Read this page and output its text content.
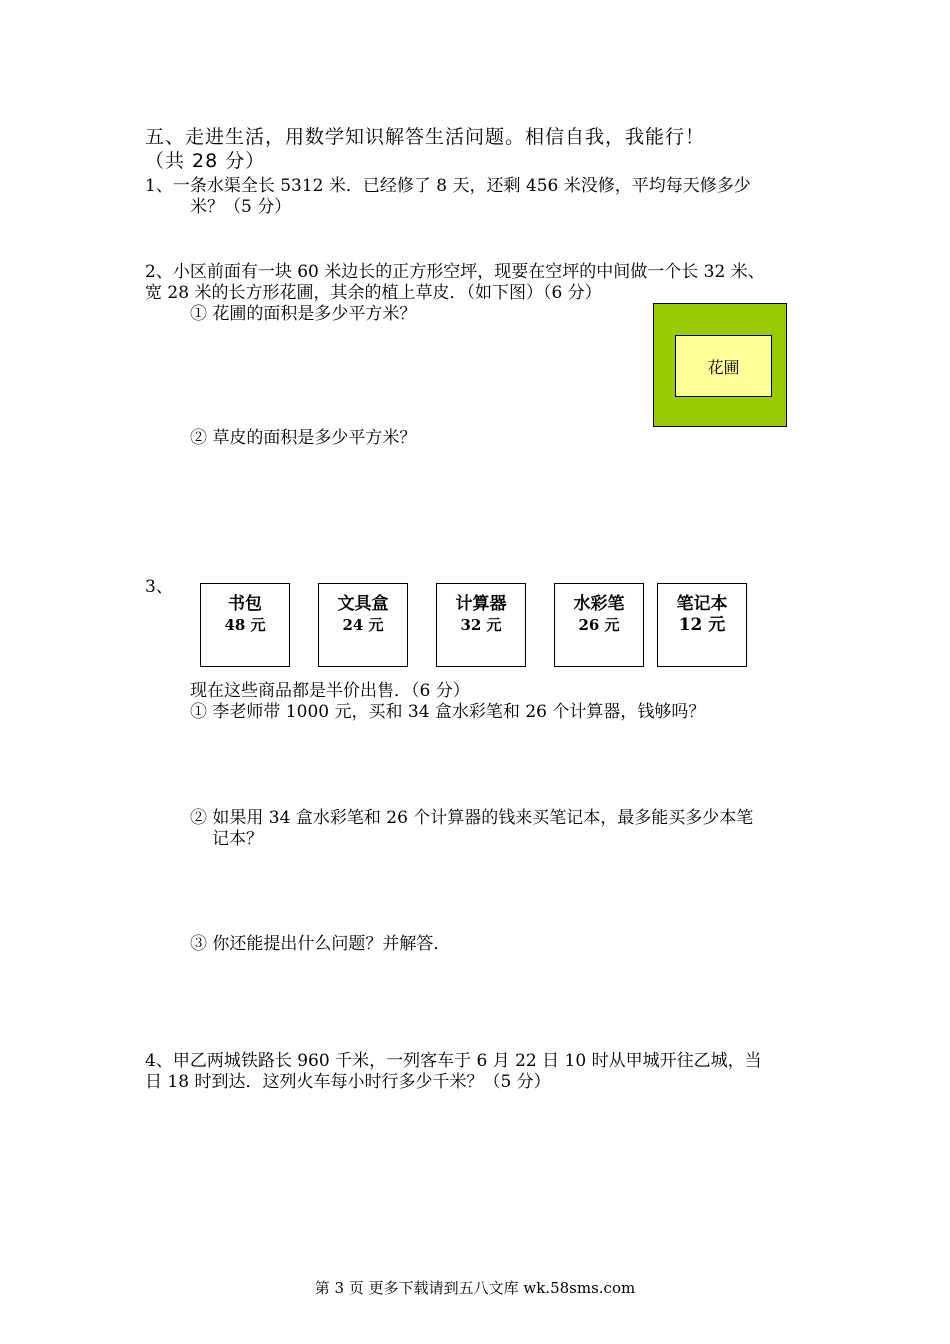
五、走进生活，用数学知识解答生活问题。相信自我，我能行！
（共 28 分）
1、一条水渠全长 5312 米．已经修了 8 天，还剩 456 米没修，平均每天修多少
米？（5 分）
2、小区前面有一块 60 米边长的正方形空坪，现要在空坪的中间做一个长 32 米、
宽 28 米的长方形花圃，其余的植上草皮．（如下图）（6 分）
① 花圃的面积是多少平方米？
② 草皮的面积是多少平方米？
花圃
3、
书包
48 元
文具盒
24 元
计算器
32 元
水彩笔
26 元
笔记本
12 元
现在这些商品都是半价出售．（6 分）
① 李老师带 1000 元，买和 34 盒水彩笔和 26 个计算器，钱够吗？
② 如果用 34 盒水彩笔和 26 个计算器的钱来买笔记本，最多能买多少本笔
记本？
③ 你还能提出什么问题？并解答．
4、甲乙两城铁路长 960 千米，一列客车于 6 月 22 日 10 时从甲城开往乙城，当
日 18 时到达．这列火车每小时行多少千米？（5 分）
第 3 页 更多下载请到五八文库 wk.58sms.com
